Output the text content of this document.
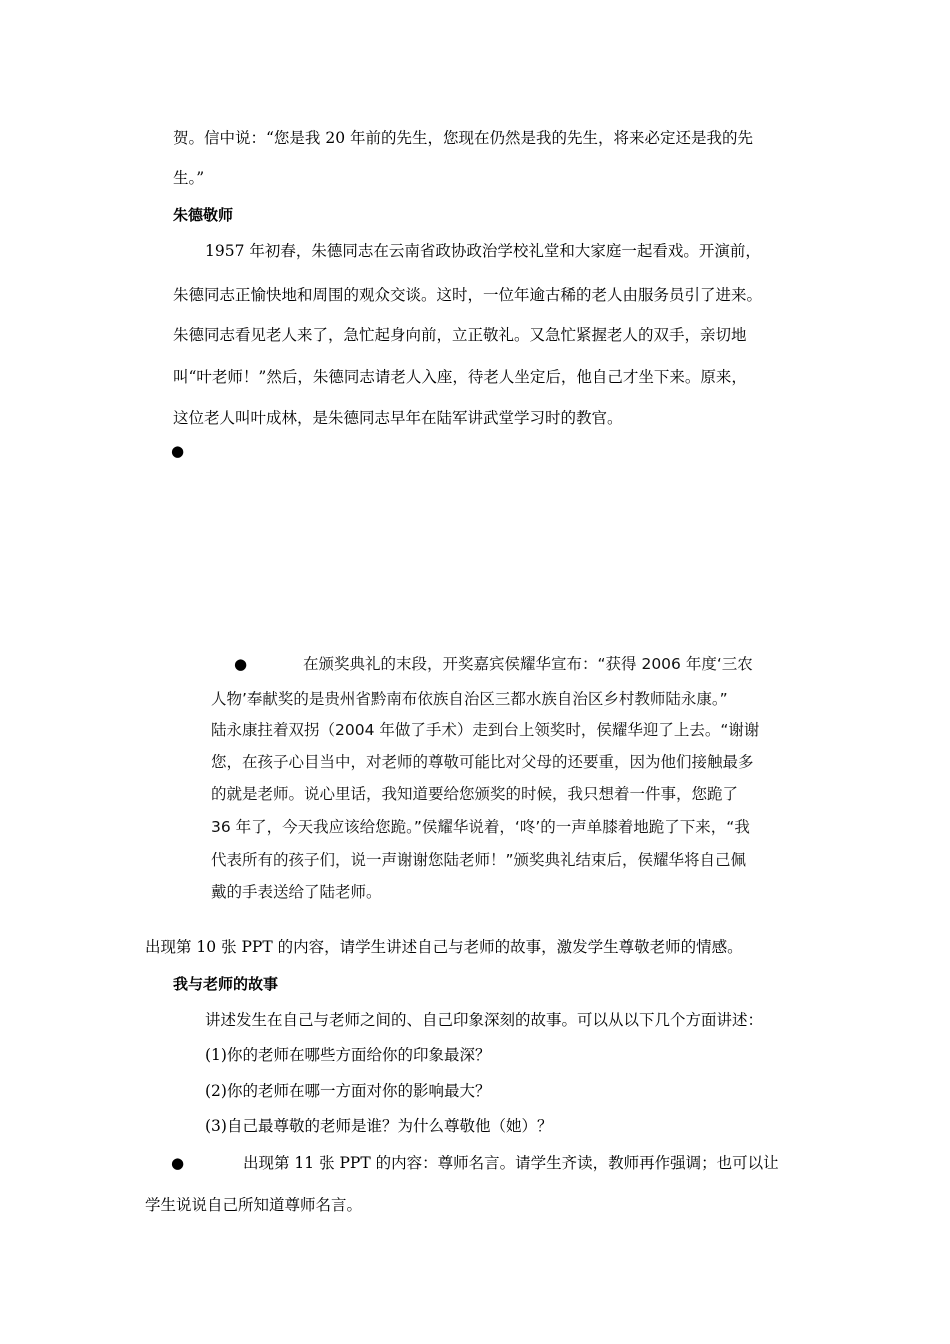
贺。信中说：“您是我 20 年前的先生，您现在仍然是我的先生，将来必定还是我的先
生。”
朱德敬师
1957 年初春，朱德同志在云南省政协政治学校礼堂和大家庭一起看戏。开演前，
朱德同志正愉快地和周围的观众交谈。这时，一位年逾古稀的老人由服务员引了进来。
朱德同志看见老人来了，急忙起身向前，立正敬礼。又急忙紧握老人的双手，亲切地
叫“叶老师！”然后，朱德同志请老人入座，待老人坐定后，他自己才坐下来。原来，
这位老人叫叶成林，是朱德同志早年在陆军讲武堂学习时的教官。
●
●	在颁奖典礼的末段，开奖嘉宾侯耀华宣布：“获得 2006 年度‘三农
人物’奉献奖的是贵州省黔南布依族自治区三都水族自治区乡村教师陆永康。”
陆永康拄着双拐（2004 年做了手术）走到台上领奖时，侯耀华迎了上去。“谢谢
您，在孩子心目当中，对老师的尊敬可能比对父母的还要重，因为他们接触最多
的就是老师。说心里话，我知道要给您颁奖的时候，我只想着一件事，您跪了
36 年了，今天我应该给您跪。”侯耀华说着，‘咚’的一声单膝着地跪了下来，“我
代表所有的孩子们，说一声谢谢您陆老师！”颁奖典礼结束后，侯耀华将自己佩
戴的手表送给了陆老师。
出现第 10 张 PPT 的内容，请学生讲述自己与老师的故事，激发学生尊敬老师的情感。
我与老师的故事
讲述发生在自己与老师之间的、自己印象深刻的故事。可以从以下几个方面讲述：
(1)你的老师在哪些方面给你的印象最深？
(2)你的老师在哪一方面对你的影响最大？
(3)自己最尊敬的老师是谁？为什么尊敬他（她）？
●	出现第 11 张 PPT 的内容：尊师名言。请学生齐读，教师再作强调；也可以让
学生说说自己所知道尊师名言。
